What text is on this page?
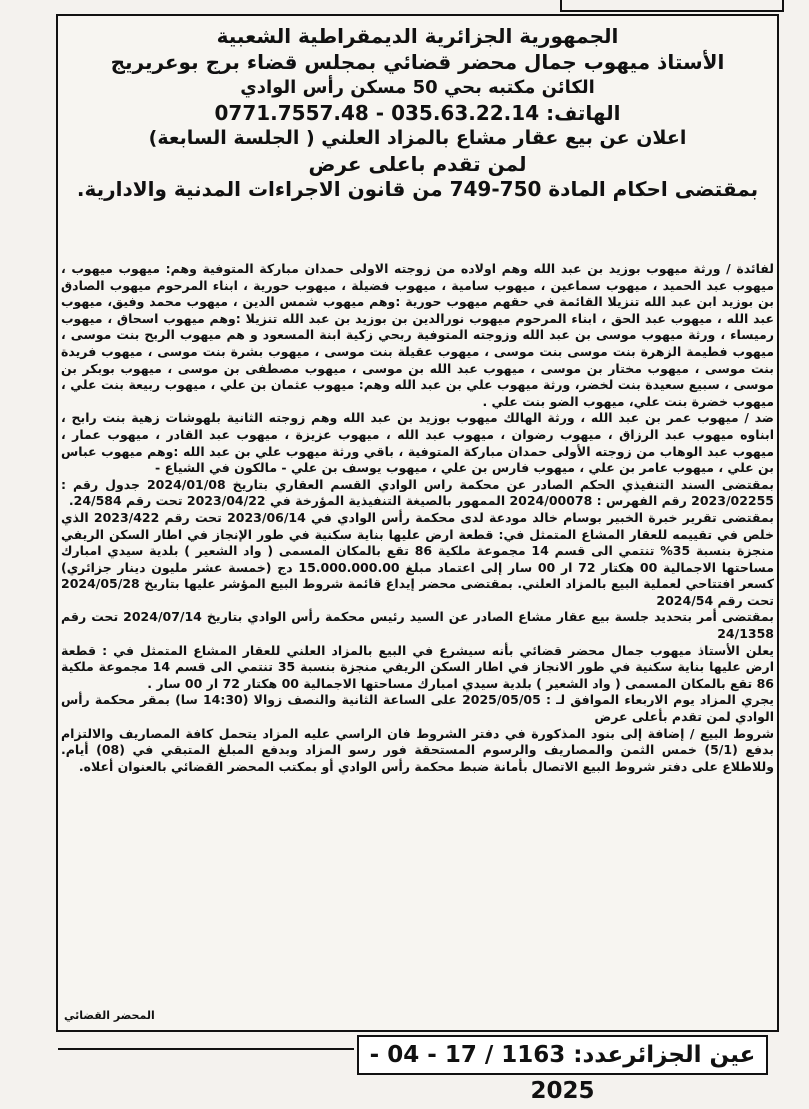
الجمهورية الجزائرية الديمقراطية الشعبية
الأستاذ ميهوب جمال محضر قضائي بمجلس قضاء برج بوعريريج
الكائن مكتبه بحي 50 مسكن رأس الوادي
الهاتف: 035.63.22.14 - 0771.7557.48
اعلان عن بيع عقار مشاع بالمزاد العلني ( الجلسة السابعة)
لمن تقدم باعلى عرض
بمقتضى احكام المادة 750-749 من قانون الاجراءات المدنية والادارية.

لفائدة / ورثة ميهوب بوزيد بن عبد الله وهم اولاده من زوجته الاولى حمدان مباركة المتوفية وهم: ميهوب ميهوب ، ميهوب عبد الحميد ، ميهوب سماعين ، ميهوب سامية ، ميهوب فضيلة ، ميهوب حورية ، ابناء المرحوم ميهوب الصادق بن بوزيد ابن عبد الله تنزيلا القائمة في حقهم ميهوب حورية :وهم ميهوب شمس الدين ، ميهوب محمد وفيق، ميهوب عبد الله ، ميهوب عبد الحق ، ابناء المرحوم ميهوب نورالدين بن بوزيد بن عبد الله تنزيلا :وهم ميهوب اسحاق ، ميهوب رميساء ، ورثة ميهوب موسى بن عبد الله وزوجته المتوفية ربحي زكية ابنة المسعود و هم ميهوب الربح بنت موسى ، ميهوب فطيمة الزهرة بنت موسى بنت موسى ، ميهوب عقيلة بنت موسى ، ميهوب بشرة بنت موسى ، ميهوب فريدة بنت موسى ، ميهوب مختار بن موسى ، ميهوب عبد الله بن موسى ، ميهوب مصطفى بن موسى ، ميهوب بوبكر بن موسى ، سبيع سعيدة بنت لخضر، ورثة ميهوب علي بن عبد الله وهم: ميهوب عثمان بن علي ، ميهوب ربيعة بنت علي ، ميهوب خضرة بنت علي، ميهوب الضو بنت علي .

ضد / ميهوب عمر بن عبد الله ، ورثة الهالك ميهوب بوزيد بن عبد الله وهم زوجته الثانية بلهوشات زهية بنت رابح ، ابناوه ميهوب عبد الرزاق ، ميهوب رضوان ، ميهوب عبد الله ، ميهوب عزيزة ، ميهوب عبد القادر ، ميهوب عمار ، ميهوب عبد الوهاب من زوجته الأولى حمدان مباركة المتوفية ، باقي ورثة ميهوب علي بن عبد الله :وهم ميهوب عباس بن علي ، ميهوب عامر بن علي ، ميهوب فارس بن علي ، ميهوب يوسف بن علي - مالكون في الشياع -

بمقتضى السند التنفيذي الحكم الصادر عن محكمة راس الوادي القسم العقاري بتاريخ 2024/01/08 جدول رقم : 2023/02255 رقم الفهرس : 2024/00078 الممهور بالصيغة التنفيذية المؤرخة في 2023/04/22 تحت رقم 24/584.

بمقتضى تقرير خبرة الخبير بوسام خالد مودعة لدى محكمة رأس الوادي في 2023/06/14 تحت رقم 2023/422 الذي خلص في تقييمه للعقار المشاع المتمثل في: قطعة ارض عليها بناية سكنية في طور الإنجاز في اطار السكن الريفي منجزة بنسبة 35% تنتمي الى قسم 14 مجموعة ملكية 86 تقع بالمكان المسمى ( واد الشعير ) بلدية سيدي امبارك مساحتها الاجمالية 00 هكتار 72 ار 00 سار إلى اعتماد مبلغ 15.000.000.00 دج (خمسة عشر مليون دينار جزائري) كسعر افتتاحي لعملية البيع بالمزاد العلني. بمقتضى محضر إيداع قائمة شروط البيع المؤشر عليها بتاريخ 2024/05/28 تحت رقم 2024/54

بمقتضى أمر بتحديد جلسة بيع عقار مشاع الصادر عن السيد رئيس محكمة رأس الوادي بتاريخ 2024/07/14 تحت رقم 24/1358

يعلن الأستاذ ميهوب جمال محضر قضائي بأنه سيشرع في البيع بالمزاد العلني للعقار المشاع المتمثل في : قطعة ارض عليها بناية سكنية في طور الانجاز في اطار السكن الريفي منجزة بنسبة 35 تنتمي الى قسم 14 مجموعة ملكية 86 تقع بالمكان المسمى ( واد الشعير ) بلدية سيدي امبارك مساحتها الاجمالية 00 هكتار 72 ار 00 سار .

يجري المزاد يوم الاربعاء الموافق لـ : 2025/05/05 على الساعة الثانية والنصف زوالا (14:30 سا) بمقر محكمة رأس الوادي لمن تقدم بأعلى عرض

شروط البيع / إضافة إلى بنود المذكورة في دفتر الشروط فان الراسي عليه المزاد يتحمل كافة المصاريف والالتزام بدفع (5/1) خمس الثمن والمصاريف والرسوم المستحقة فور رسو المزاد وبدفع المبلغ المتبقي في (08) أيام. وللاطلاع على دفتر شروط البيع الاتصال بأمانة ضبط محكمة رأس الوادي أو بمكتب المحضر القضائي بالعنوان أعلاه.

المحضر القضائي
عين الجزائرعدد: 1163 / 17 - 04 - 2025
